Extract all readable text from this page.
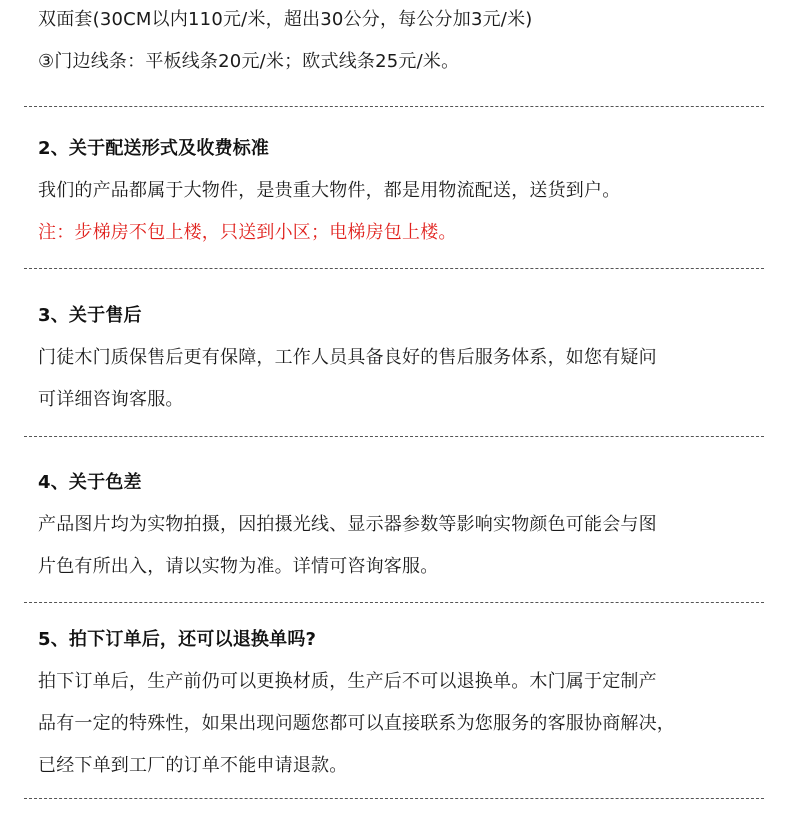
双面套(30CM以内110元/米，超出30公分，每公分加3元/米)
③门边线条：平板线条20元/米；欧式线条25元/米。
2、关于配送形式及收费标准
我们的产品都属于大物件，是贵重大物件，都是用物流配送，送货到户。
注：步梯房不包上楼，只送到小区；电梯房包上楼。
3、关于售后
门徒木门质保售后更有保障，工作人员具备良好的售后服务体系，如您有疑问
可详细咨询客服。
4、关于色差
产品图片均为实物拍摄，因拍摄光线、显示器参数等影响实物颜色可能会与图
片色有所出入，请以实物为准。详情可咨询客服。
5、拍下订单后，还可以退换单吗?
拍下订单后，生产前仍可以更换材质，生产后不可以退换单。木门属于定制产
品有一定的特殊性，如果出现问题您都可以直接联系为您服务的客服协商解决，
已经下单到工厂的订单不能申请退款。
